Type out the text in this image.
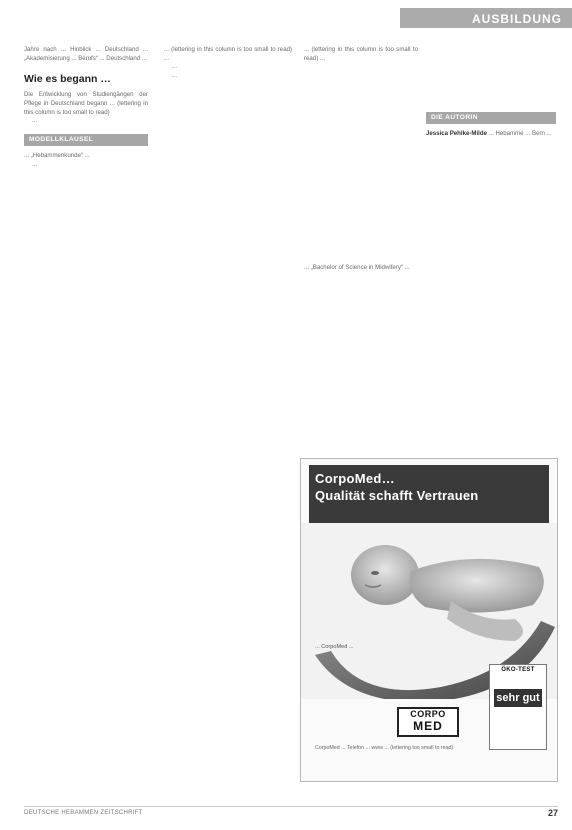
AUSBILDUNG

Jahre nach ... Hinblick ... Deutschland ... „Akademisierung ... Berufs“ ... Deutschland ...

Wie es begann …

Die Entwicklung von Studiengängen der Pflege in Deutschland begann ... (lettering in this column is too small to read)

...

MODELLKLAUSEL

... „Hebammenkunde“ ...

...

... (lettering in this column is too small to read) ...

...

...

... (lettering in this column is too small to read) ...

... „Bachelor of Science in Midwifery“ ...

DIE AUTORIN
Jessica Pehlke-Milde ... Hebamme ... Bern ...
CorpoMed…
Qualität schafft Vertrauen
... CorpoMed ...
ÖKO-TEST
sehr gut
CORPO
MED
CorpoMed ... Telefon ... www ... (lettering too small to read)
DEUTSCHE HEBAMMEN ZEITSCHRIFT	27
